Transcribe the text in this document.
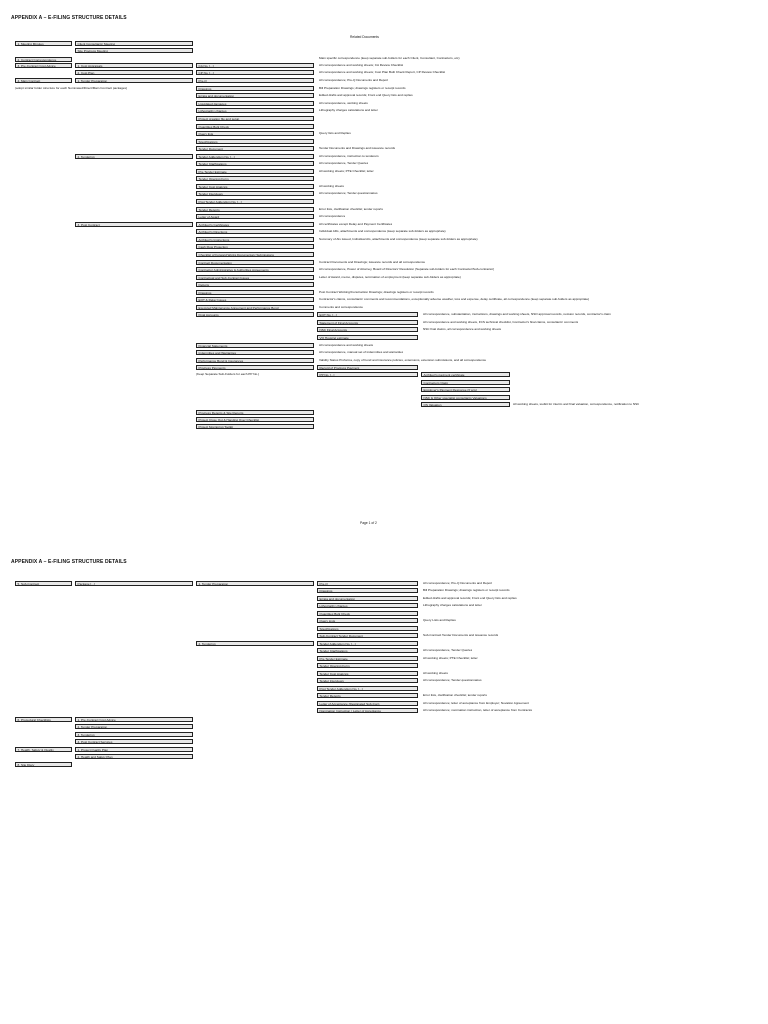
APPENDIX A – E-FILING STRUCTURE DETAILS
Related Documents
1. Meeting Minutes
2. Contract Correspondence
3. Pre-Contract Cost Advice
4. Main Contract
(adopt similar folder structure for each Nominated/Direct/Main Contract packages)
Client Consultants' Meeting
Site Progress Meeting
1. Cost Appraisals
2. Cost Plan
1. Tender Preparation
2. Tendering
3. Post Contract
CA No. [...]
CP No. [...]
Pre-Q
Drawings
Errata and documentation
Liquidated damages
Lithography charges
Project creation file and setup
Quantities Bulk Check
Query lists
Specifications
Tender Document
Tender Addendum No. [...]
Tender Clarifications
Pre-Tender Estimate
Tender Opening Form
Tender Cost Analysis
Tender Interviews
Post Tender Addendum No. [...]
Tender Reports
Letter of Award
Architect's Certificates
Architect's Directions
Architect's Instructions
Cash Flow Projection
Checklist of Forward Works Documentary Submissions
Contract Documentation
Contractor Administrative & Authorities Agreements
Contractual and Sub-Contract Issues
Defects
Drawings
EOT & Delay Issues
Executed Maintenance Agreement and Performance Bond
Final Accounts
Financial Statements
Indemnities and Warranties
Performance Bond & Insurances
Progress Payments
(Keep Separate Sub-Folders for each PP No.)
Progress Reports & Site Reports
Project Close Out & Handing Over Checklist
Project Monitoring Toolkit
EOT No. [...]
Statement of Final Accounts
NSC Final Accounts
VO Housing estimate
Record of Progress Payment
PP No. [...]	Architect's payment certificate
Contractors Claim
Employer's Payment Response (If any)
NSC & Other specialist consultants Valuations
QS Valuation
Main specific correspondence (keep separate sub-folders for each Client, Consultant, Contractors, etc)
All correspondence and working sheets; CA Review Checklist
All correspondence and working sheets; Cost Plan Built Check Report, CP Review Checklist
All correspondence; Pre-Q Documents and Report
Bill Preparation Drawings; drawings registers or receipt records
Edited drafts and approval records; Front end Query lists and replies
All correspondence, working sheets
Lithography charges calculations and letter
Query lists and Replies
Tender Documents and Drawings and issuance records
All correspondence, instruction to tenderers
All correspondence, Tender Queries
All working sheets; PTE Checklist; letter
All working sheets
All correspondence; Tender questionnaires
Error lists, clarification checklist; tender reports
All correspondence
All certificates except Delay and Payment Certificates
Individual ADs, attachments and correspondence (keep separate sub-folders as appropriate)
Summary of AIs issued, Individual AIs, attachments and correspondence (keep separate sub-folders as appropriate)
Contract Documents and Drawings; issuance records and all correspondence
All correspondence, Power of Attorney, Board of Directors' Resolution (Separate sub-folders for each Contractor/Sub-contractor)
Letter of Award, memo, disputes, termination of employment (keep separate sub-folders as appropriate)
Post Contract Working/Construction Drawings; drawings registers or receipt records
Contractor's claims, consultants' comments and recommendations, exceptionally adverse weather, loss and expense, delay certificate, all correspondence (keep separate sub-folders as appropriate)
Comments and correspondence
All correspondence, substantiation, instructions, drawings and working sheets, NSO approval records, revision records, contractor's claim
All correspondence and working sheets, FCS technical checklist, Contractor's final claims, consultants' comments
NSC final claims, all correspondence and working sheets
All correspondence and working sheets
All correspondence, manual set of indemnities and warranties
Validity Status Proforma, copy of bond and insurance policies, extensions, extension submissions, and all correspondence
All working sheets, toolkit for interim and final valuation, correspondence, notification to NSC
Page 1 of 2
APPENDIX A – E-FILING STRUCTURE DETAILS
5. Sub-Contract
6. Procedural Checklists
7. Health, Safety & Quality
8. Site Diary
Package [...]
1. Pre-Contract Cost Advice
2. Tender Preparation
3. Tendering
4. Post Contract Services
1. Project Quality Plan
2. Health and Safety Plan
1. Tender Preparation
2. Tendering
Pre-Q
Drawings
Errata and documentation
Lithography charges
Quantities Bulk Check
Query Lists
Specifications
Sub-Contract Tender Document
Tender Addendum No. [...]
Tender Clarifications
Pre-Tender Estimate
Tender Opening Form
Tender Cost Analysis
Tender Interviews
Post Tender Addendum No. [...]
Tender Reports
Letter of Acceptance (Designated Sub-Con)
Nomination Instruction / Letter of Acceptance
All correspondence; Pre-Q Documents and Report
Bill Preparation Drawings; drawings registers or receipt records
Edited drafts and approval records; Front end Query lists and replies
Lithography charges calculations and letter
Query Lists and Replies
Sub-Contract Tender Documents and issuance records
All correspondence, Tender Queries
All working sheets; PTE Checklist; letter
All working sheets
All correspondence; Tender questionnaires
Error lists, clarification checklist; tender reports
All correspondence; letter of acceptance from Employer; Novation Agreement
All correspondence; nomination instruction, letter of acceptance from Contractor
